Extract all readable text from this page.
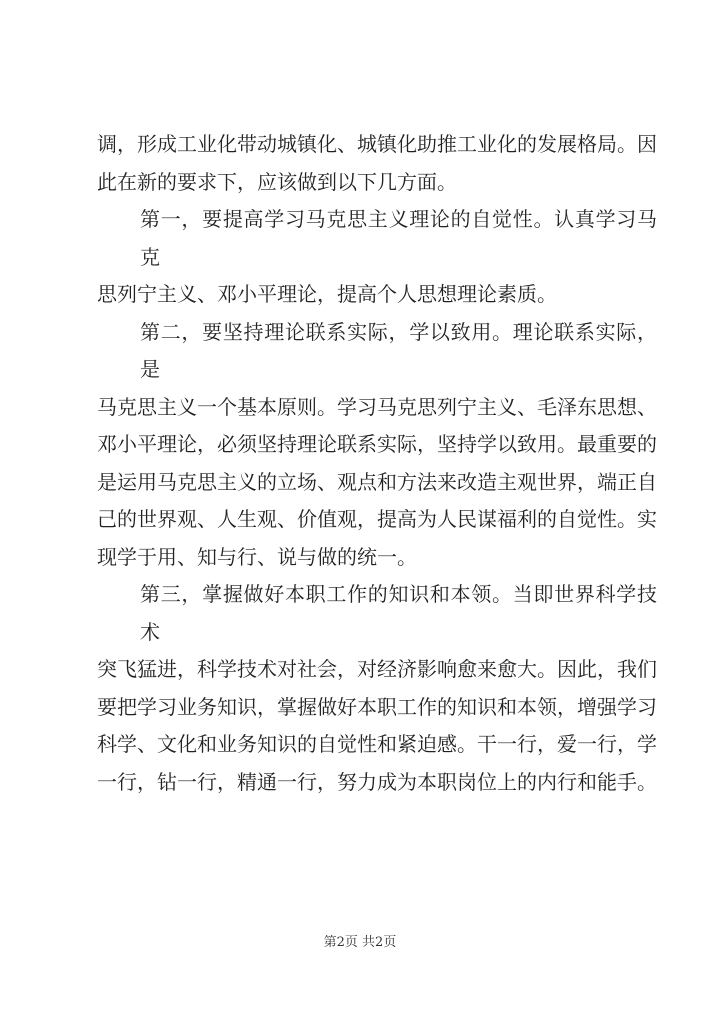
调，形成工业化带动城镇化、城镇化助推工业化的发展格局。因
此在新的要求下，应该做到以下几方面。
第一，要提高学习马克思主义理论的自觉性。认真学习马克
思列宁主义、邓小平理论，提高个人思想理论素质。
第二，要坚持理论联系实际，学以致用。理论联系实际，是
马克思主义一个基本原则。学习马克思列宁主义、毛泽东思想、
邓小平理论，必须坚持理论联系实际，坚持学以致用。最重要的
是运用马克思主义的立场、观点和方法来改造主观世界，端正自
己的世界观、人生观、价值观，提高为人民谋福利的自觉性。实
现学于用、知与行、说与做的统一。
第三，掌握做好本职工作的知识和本领。当即世界科学技术
突飞猛进，科学技术对社会，对经济影响愈来愈大。因此，我们
要把学习业务知识，掌握做好本职工作的知识和本领，增强学习
科学、文化和业务知识的自觉性和紧迫感。干一行，爱一行，学
一行，钻一行，精通一行，努力成为本职岗位上的内行和能手。
第2页 共2页
